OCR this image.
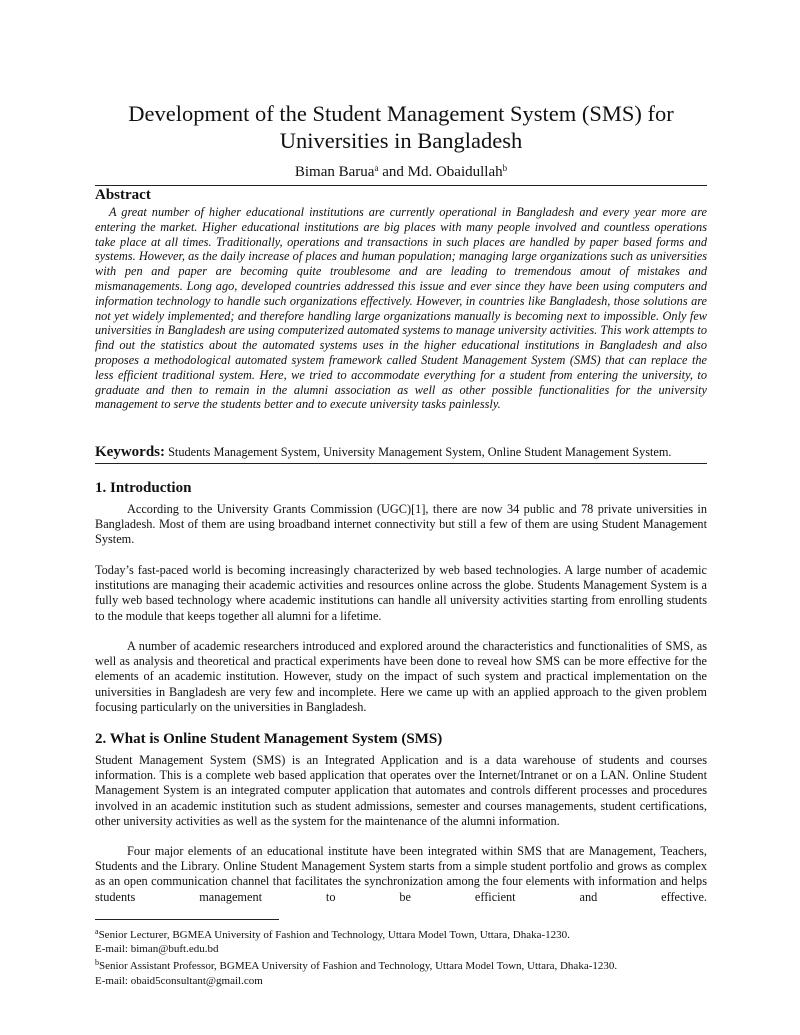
Development of the Student Management System (SMS) for Universities in Bangladesh
Biman Barua$^a$ and Md. Obaidullah$^b$
Abstract
A great number of higher educational institutions are currently operational in Bangladesh and every year more are entering the market. Higher educational institutions are big places with many people involved and countless operations take place at all times. Traditionally, operations and transactions in such places are handled by paper based forms and systems. However, as the daily increase of places and human population; managing large organizations such as universities with pen and paper are becoming quite troublesome and are leading to tremendous amout of mistakes and mismanagements. Long ago, developed countries addressed this issue and ever since they have been using computers and information technology to handle such organizations effectively. However, in countries like Bangladesh, those solutions are not yet widely implemented; and therefore handling large organizations manually is becoming next to impossible. Only few universities in Bangladesh are using computerized automated systems to manage university activities. This work attempts to find out the statistics about the automated systems uses in the higher educational institutions in Bangladesh and also proposes a methodological automated system framework called Student Management System (SMS) that can replace the less efficient traditional system. Here, we tried to accommodate everything for a student from entering the university, to graduate and then to remain in the alumni association as well as other possible functionalities for the university management to serve the students better and to execute university tasks painlessly.
Keywords: Students Management System, University Management System, Online Student Management System.
1. Introduction
According to the University Grants Commission (UGC)[1], there are now 34 public and 78 private universities in Bangladesh. Most of them are using broadband internet connectivity but still a few of them are using Student Management System.
Today’s fast-paced world is becoming increasingly characterized by web based technologies. A large number of academic institutions are managing their academic activities and resources online across the globe. Students Management System is a fully web based technology where academic institutions can handle all university activities starting from enrolling students to the module that keeps together all alumni for a lifetime.
A number of academic researchers introduced and explored around the characteristics and functionalities of SMS, as well as analysis and theoretical and practical experiments have been done to reveal how SMS can be more effective for the elements of an academic institution. However, study on the impact of such system and practical implementation on the universities in Bangladesh are very few and incomplete. Here we came up with an applied approach to the given problem focusing particularly on the universities in Bangladesh.
2. What is Online Student Management System (SMS)
Student Management System (SMS) is an Integrated Application and is a data warehouse of students and courses information. This is a complete web based application that operates over the Internet/Intranet or on a LAN. Online Student Management System is an integrated computer application that automates and controls different processes and procedures involved in an academic institution such as student admissions, semester and courses managements, student certifications, other university activities as well as the system for the maintenance of the alumni information.
Four major elements of an educational institute have been integrated within SMS that are Management, Teachers, Students and the Library. Online Student Management System starts from a simple student portfolio and grows as complex as an open communication channel that facilitates the synchronization among the four elements with information and helps students management to be efficient and effective.
$^a$Senior Lecturer, BGMEA University of Fashion and Technology, Uttara Model Town, Uttara, Dhaka-1230.
E-mail: biman@buft.edu.bd
$^b$Senior Assistant Professor, BGMEA University of Fashion and Technology, Uttara Model Town, Uttara, Dhaka-1230.
E-mail: obaid5consultant@gmail.com
